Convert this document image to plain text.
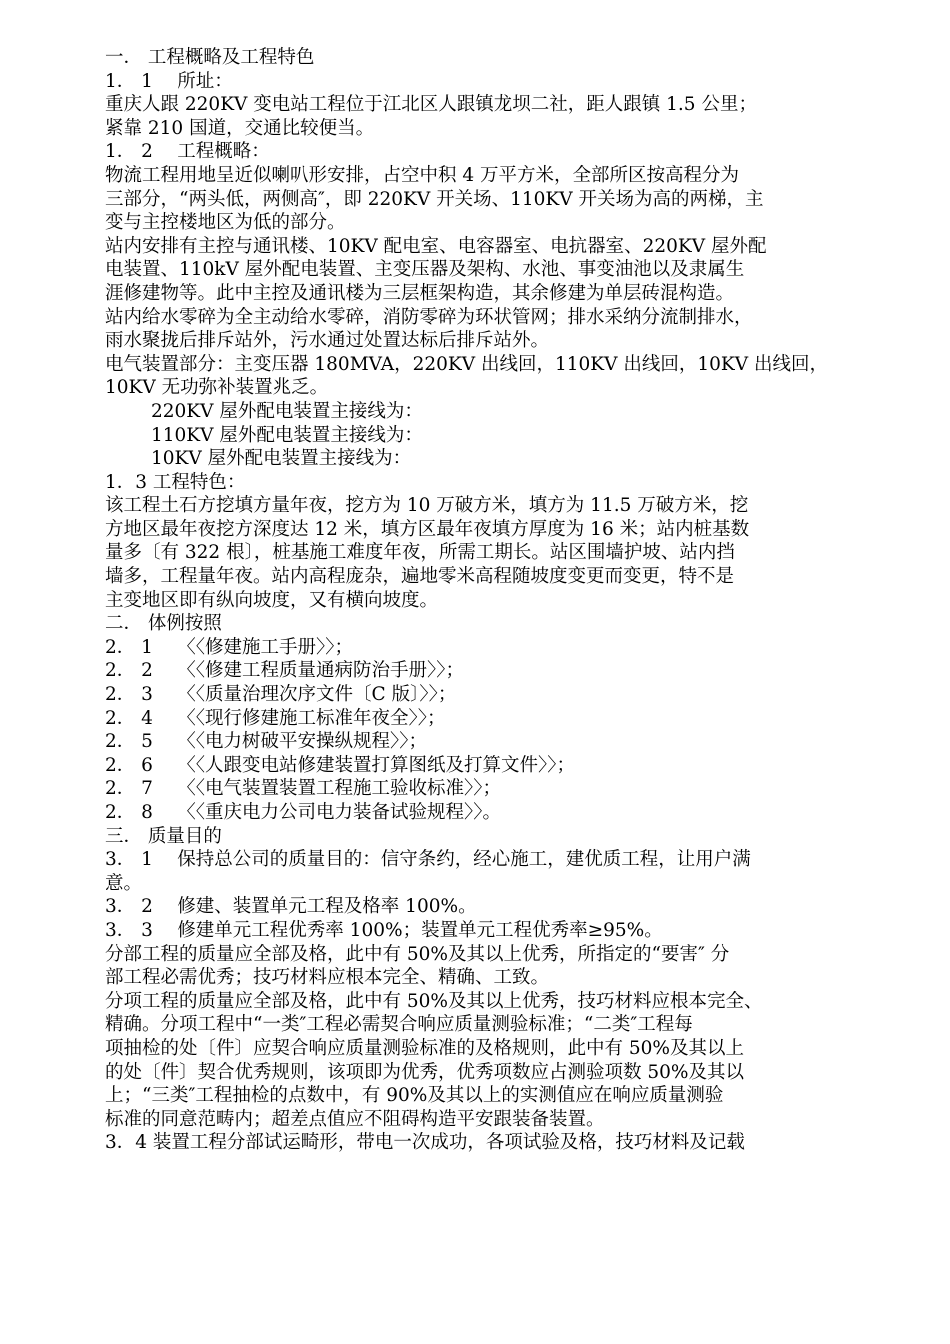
一． 工程概略及工程特色

1． 1　 所址：

重庆人跟 220KV 变电站工程位于江北区人跟镇龙坝二社，距人跟镇 1.5 公里；

紧靠 210 国道，交通比较便当。

1． 2　 工程概略：

物流工程用地呈近似喇叭形安排，占空中积 4 万平方米，全部所区按高程分为

三部分，“两头低，两侧高″，即 220KV 开关场、110KV 开关场为高的两梯，主

变与主控楼地区为低的部分。

站内安排有主控与通讯楼、10KV 配电室、电容器室、电抗器室、220KV 屋外配

电装置、110kV 屋外配电装置、主变压器及架构、水池、事变油池以及隶属生

涯修建物等。此中主控及通讯楼为三层框架构造，其余修建为单层砖混构造。

站内给水零碎为全主动给水零碎，消防零碎为环状管网；排水采纳分流制排水，

雨水聚拢后排斥站外，污水通过处置达标后排斥站外。

电气装置部分：主变压器 180MVA，220KV 出线回，110KV 出线回，10KV 出线回，

10KV 无功弥补装置兆乏。

220KV 屋外配电装置主接线为：

110KV 屋外配电装置主接线为：

10KV 屋外配电装置主接线为：

1．3 工程特色：

该工程土石方挖填方量年夜，挖方为 10 万破方米，填方为 11.5 万破方米，挖

方地区最年夜挖方深度达 12 米，填方区最年夜填方厚度为 16 米；站内桩基数

量多〔有 322 根〕，桩基施工难度年夜，所需工期长。站区围墙护坡、站内挡

墙多，工程量年夜。站内高程庞杂，遍地零米高程随坡度变更而变更，特不是

主变地区即有纵向坡度，又有横向坡度。

二． 体例按照

2． 1　 〈〈修建施工手册〉〉；

2． 2　 〈〈修建工程质量通病防治手册〉〉；

2． 3　 〈〈质量治理次序文件〔C 版〕〉〉；

2． 4　 〈〈现行修建施工标准年夜全〉〉；

2． 5　 〈〈电力树破平安操纵规程〉〉；

2． 6　 〈〈人跟变电站修建装置打算图纸及打算文件〉〉；

2． 7　 〈〈电气装置装置工程施工验收标准〉〉；

2． 8　 〈〈重庆电力公司电力装备试验规程〉〉。

三． 质量目的

3． 1　 保持总公司的质量目的：信守条约，经心施工，建优质工程，让用户满

意。

3． 2　 修建、装置单元工程及格率 100%。

3． 3　 修建单元工程优秀率 100%；装置单元工程优秀率≥95%。

分部工程的质量应全部及格，此中有 50%及其以上优秀，所指定的“要害″ 分

部工程必需优秀；技巧材料应根本完全、精确、工致。

分项工程的质量应全部及格，此中有 50%及其以上优秀，技巧材料应根本完全、

精确。分项工程中“一类″工程必需契合响应质量测验标准；“二类″工程每

项抽检的处〔件〕应契合响应质量测验标准的及格规则，此中有 50%及其以上

的处〔件〕契合优秀规则，该项即为优秀，优秀项数应占测验项数 50%及其以

上；“三类″工程抽检的点数中，有 90%及其以上的实测值应在响应质量测验

标准的同意范畴内；超差点值应不阻碍构造平安跟装备装置。

3．4 装置工程分部试运畸形，带电一次成功，各项试验及格，技巧材料及记载
